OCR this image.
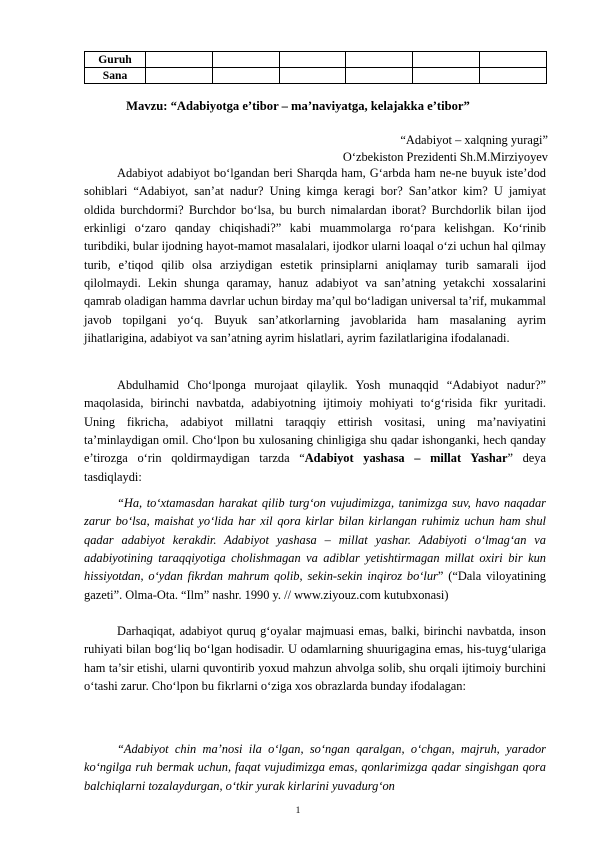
Guruh						
Sana						
Mavzu: “Adabiyotga e’tibor – ma’naviyatga, kelajakka e’tibor”
“Adabiyot – xalqning yuragi”
O‘zbekiston Prezidenti Sh.M.Mirziyoyev

Adabiyot adabiyot bo‘lgandan beri Sharqda ham, G‘arbda ham ne-ne buyuk iste’dod sohiblari “Adabiyot, san’at nadur? Uning kimga keragi bor? San’atkor kim? U jamiyat oldida burchdormi? Burchdor bo‘lsa, bu burch nimalardan iborat? Burchdorlik bilan ijod erkinligi o‘zaro qanday chiqishadi?” kabi muammolarga ro‘para kelishgan. Ko‘rinib turibdiki, bular ijodning hayot-mamot masalalari, ijodkor ularni loaqal o‘zi uchun hal qilmay turib, e’tiqod qilib olsa arziydigan estetik prinsiplarni aniqlamay turib samarali ijod qilolmaydi. Lekin shunga qaramay, hanuz adabiyot va san’atning yetakchi xossalarini qamrab oladigan hamma davrlar uchun birday ma’qul bo‘ladigan universal ta’rif, mukammal javob topilgani yo‘q. Buyuk san’atkorlarning javoblarida ham masalaning ayrim jihatlarigina, adabiyot va san’atning ayrim hislatlari, ayrim fazilatlarigina ifodalanadi.

Abdulhamid Cho‘lponga murojaat qilaylik. Yosh munaqqid “Adabiyot nadur?” maqolasida, birinchi navbatda, adabiyotning ijtimoiy mohiyati to‘g‘risida fikr yuritadi. Uning fikricha, adabiyot millatni taraqqiy ettirish vositasi, uning ma’naviyatini ta’minlaydigan omil. Cho‘lpon bu xulosaning chinligiga shu qadar ishonganki, hech qanday e’tirozga o‘rin qoldirmaydigan tarzda “Adabiyot yashasa – millat Yashar” deya tasdiqlaydi:

“Ha, to‘xtamasdan harakat qilib turg‘on vujudimizga, tanimizga suv, havo naqadar zarur bo‘lsa, maishat yo‘lida har xil qora kirlar bilan kirlangan ruhimiz uchun ham shul qadar adabiyot kerakdir. Adabiyot yashasa – millat yashar. Adabiyoti o‘lmag‘an va adabiyotining taraqqiyotiga cholishmagan va adiblar yetishtirmagan millat oxiri bir kun hissiyotdan, o‘ydan fikrdan mahrum qolib, sekin-sekin inqiroz bo‘lur” (“Dala viloyatining gazeti”. Olma-Ota. “Ilm” nashr. 1990 y. // www.ziyouz.com kutubxonasi)

Darhaqiqat, adabiyot quruq g‘oyalar majmuasi emas, balki, birinchi navbatda, inson ruhiyati bilan bog‘liq bo‘lgan hodisadir. U odamlarning shuurigagina emas, his-tuyg‘ulariga ham ta’sir etishi, ularni quvontirib yoxud mahzun ahvolga solib, shu orqali ijtimoiy burchini o‘tashi zarur. Cho‘lpon bu fikrlarni o‘ziga xos obrazlarda bunday ifodalagan:

“Adabiyot chin ma’nosi ila o‘lgan, so‘ngan qaralgan, o‘chgan, majruh, yarador ko‘ngilga ruh bermak uchun, faqat vujudimizga emas, qonlarimizga qadar singishgan qora balchiqlarni tozalaydurgan, o‘tkir yurak kirlarini yuvadurg‘on

1
